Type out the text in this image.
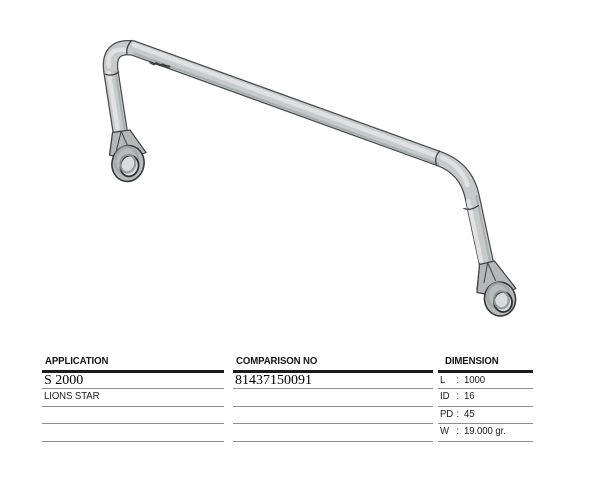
APPLICATION
S 2000
LIONS STAR
COMPARISON NO
81437150091
DIMENSION
L : 1000
ID : 16
PD : 45
W : 19.000 gr.
